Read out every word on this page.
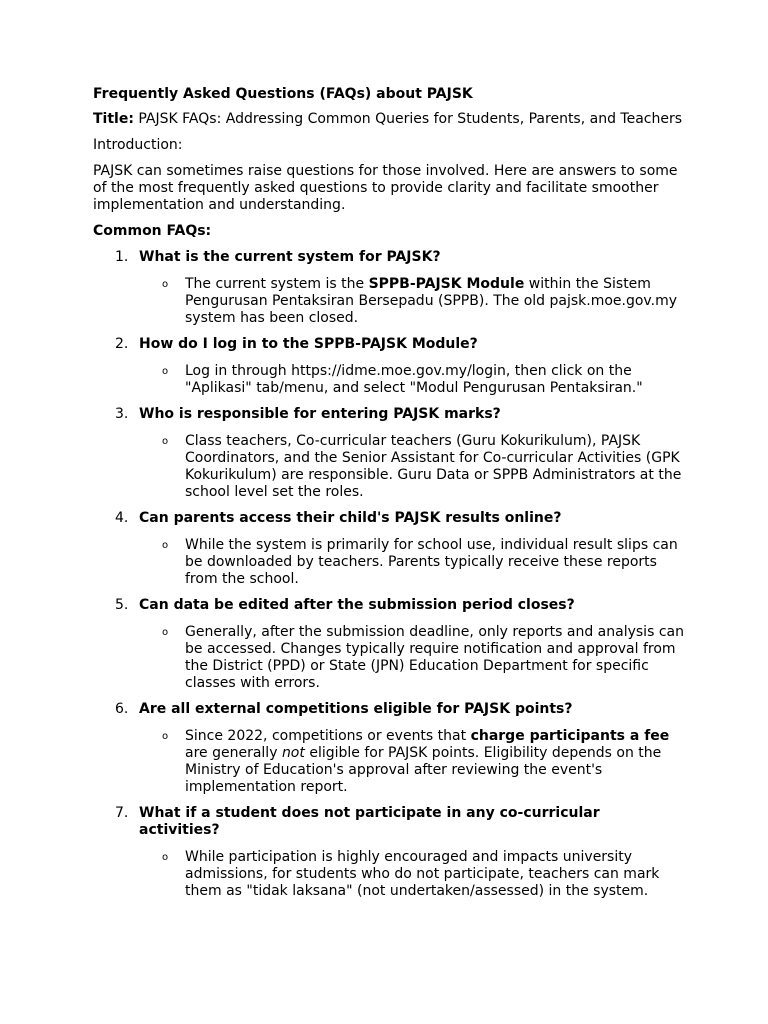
Frequently Asked Questions (FAQs) about PAJSK
Title: PAJSK FAQs: Addressing Common Queries for Students, Parents, and Teachers
Introduction:
PAJSK can sometimes raise questions for those involved. Here are answers to some of the most frequently asked questions to provide clarity and facilitate smoother implementation and understanding.
Common FAQs:
1. What is the current system for PAJSK?
o The current system is the SPPB-PAJSK Module within the Sistem Pengurusan Pentaksiran Bersepadu (SPPB). The old pajsk.moe.gov.my system has been closed.
2. How do I log in to the SPPB-PAJSK Module?
o Log in through https://idme.moe.gov.my/login, then click on the "Aplikasi" tab/menu, and select "Modul Pengurusan Pentaksiran."
3. Who is responsible for entering PAJSK marks?
o Class teachers, Co-curricular teachers (Guru Kokurikulum), PAJSK Coordinators, and the Senior Assistant for Co-curricular Activities (GPK Kokurikulum) are responsible. Guru Data or SPPB Administrators at the school level set the roles.
4. Can parents access their child's PAJSK results online?
o While the system is primarily for school use, individual result slips can be downloaded by teachers. Parents typically receive these reports from the school.
5. Can data be edited after the submission period closes?
o Generally, after the submission deadline, only reports and analysis can be accessed. Changes typically require notification and approval from the District (PPD) or State (JPN) Education Department for specific classes with errors.
6. Are all external competitions eligible for PAJSK points?
o Since 2022, competitions or events that charge participants a fee are generally not eligible for PAJSK points. Eligibility depends on the Ministry of Education's approval after reviewing the event's implementation report.
7. What if a student does not participate in any co-curricular activities?
o While participation is highly encouraged and impacts university admissions, for students who do not participate, teachers can mark them as "tidak laksana" (not undertaken/assessed) in the system.
